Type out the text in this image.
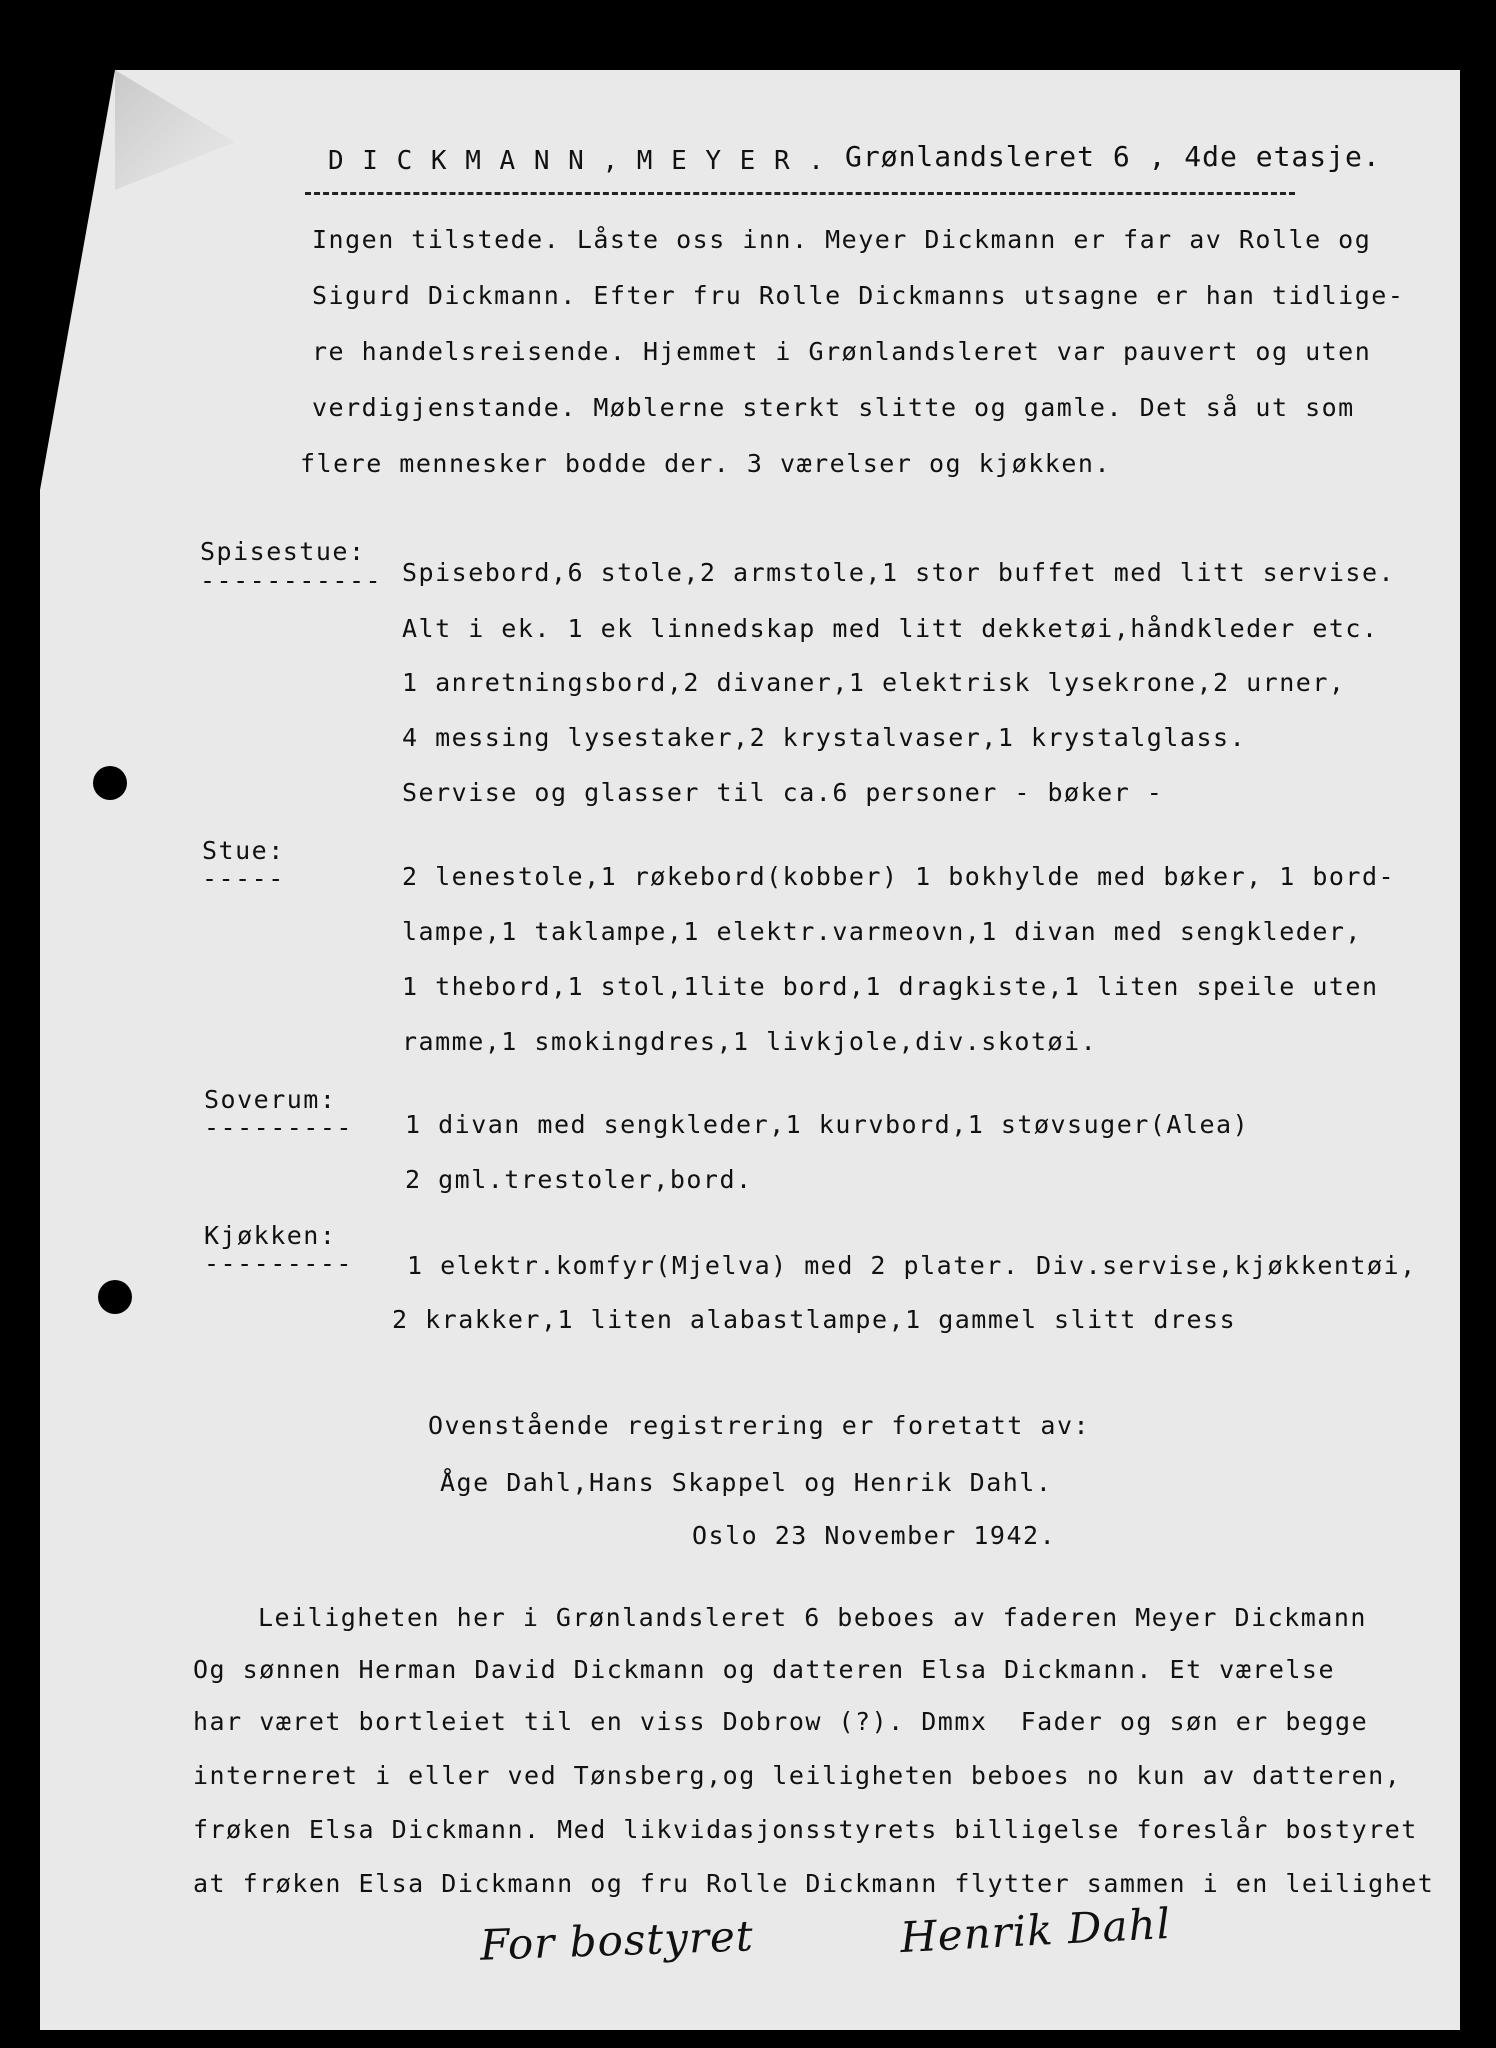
D I C K M A N N , M E Y E R . Grønlandsleret 6 , 4de etasje.
Ingen tilstede. Låste oss inn. Meyer Dickmann er far av Rolle og
Sigurd Dickmann. Efter fru Rolle Dickmanns utsagne er han tidlige-
re handelsreisende. Hjemmet i Grønlandsleret var pauvert og uten
verdigjenstande. Møblerne sterkt slitte og gamle. Det så ut som
flere mennesker bodde der. 3 værelser og kjøkken.
Spisestue:
----------- Spisebord,6 stole,2 armstole,1 stor buffet med litt servise.
Alt i ek. 1 ek linnedskap med litt dekketøi,håndkleder etc.
1 anretningsbord,2 divaner,1 elektrisk lysekrone,2 urner,
4 messing lysestaker,2 krystalvaser,1 krystalglass.
Servise og glasser til ca.6 personer - bøker -
Stue:
-----	2 lenestole,1 røkebord(kobber) 1 bokhylde med bøker, 1 bord-
lampe,1 taklampe,1 elektr.varmeovn,1 divan med sengkleder,
1 thebord,1 stol,1lite bord,1 dragkiste,1 liten speile uten
ramme,1 smokingdres,1 livkjole,div.skotøi.
Soverum:
--------- 1 divan med sengkleder,1 kurvbord,1 støvsuger(Alea)
2 gml.trestoler,bord.
Kjøkken:
--------- 1 elektr.komfyr(Mjelva) med 2 plater. Div.servise,kjøkkentøi,
2 krakker,1 liten alabastlampe,1 gammel slitt dress
Ovenstående registrering er foretatt av:
Åge Dahl,Hans Skappel og Henrik Dahl.
Oslo 23 November 1942.
Leiligheten her i Grønlandsleret 6 beboes av faderen Meyer Dickmann
Og sønnen Herman David Dickmann og datteren Elsa Dickmann. Et værelse
har været bortleiet til en viss Dobrow (?). Dmmx  Fader og søn er begge
interneret i eller ved Tønsberg,og leiligheten beboes no kun av datteren,
frøken Elsa Dickmann. Med likvidasjonsstyrets billigelse foreslår bostyret
at frøken Elsa Dickmann og fru Rolle Dickmann flytter sammen i en leilighet
For bostyret	Henrik Dahl
